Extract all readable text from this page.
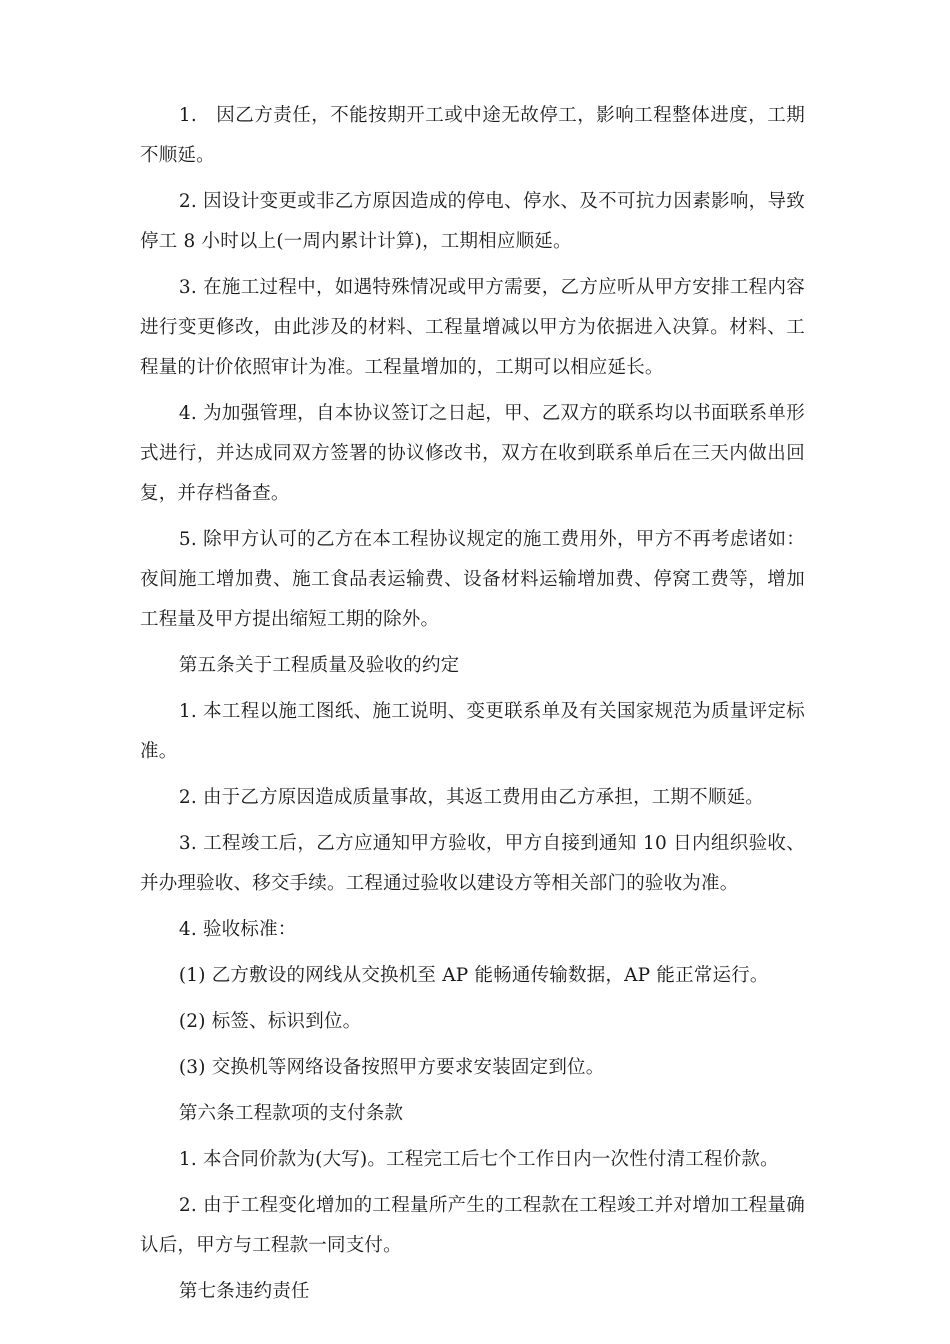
1.　因乙方责任，不能按期开工或中途无故停工，影响工程整体进度，工期 不顺延。

2. 因设计变更或非乙方原因造成的停电、停水、及不可抗力因素影响，导致停工 8 小时以上(一周内累计计算)，工期相应顺延。

3. 在施工过程中，如遇特殊情况或甲方需要，乙方应听从甲方安排工程内容进行变更修改，由此涉及的材料、工程量增减以甲方为依据进入决算。材料、工程量的计价依照审计为准。工程量增加的，工期可以相应延长。

4. 为加强管理，自本协议签订之日起，甲、乙双方的联系均以书面联系单形式进行，并达成同双方签署的协议修改书，双方在收到联系单后在三天内做出回复，并存档备查。

5. 除甲方认可的乙方在本工程协议规定的施工费用外，甲方不再考虑诸如：夜间施工增加费、施工食品表运输费、设备材料运输增加费、停窝工费等，增加工程量及甲方提出缩短工期的除外。

第五条关于工程质量及验收的约定

1. 本工程以施工图纸、施工说明、变更联系单及有关国家规范为质量评定标准。

2. 由于乙方原因造成质量事故，其返工费用由乙方承担，工期不顺延。

3. 工程竣工后，乙方应通知甲方验收，甲方自接到通知 10 日内组织验收、并办理验收、移交手续。工程通过验收以建设方等相关部门的验收为准。

4. 验收标准：

(1) 乙方敷设的网线从交换机至 AP 能畅通传输数据，AP 能正常运行。

(2) 标签、标识到位。

(3) 交换机等网络设备按照甲方要求安装固定到位。

第六条工程款项的支付条款

1. 本合同价款为(大写)。工程完工后七个工作日内一次性付清工程价款。

2. 由于工程变化增加的工程量所产生的工程款在工程竣工并对增加工程量确认后，甲方与工程款一同支付。

第七条违约责任
